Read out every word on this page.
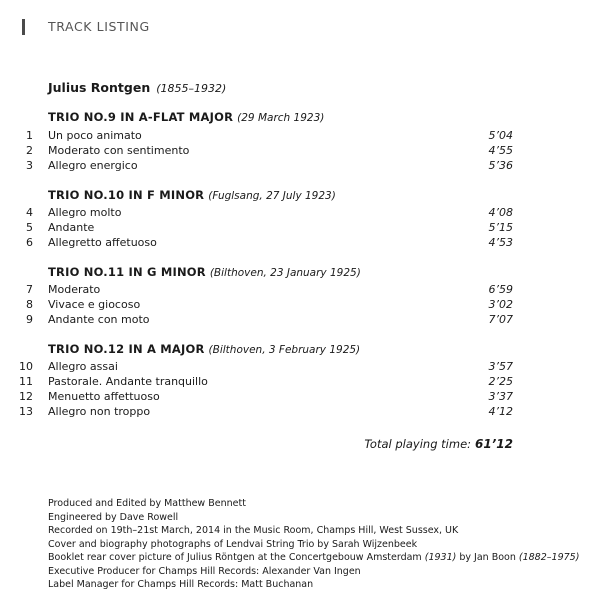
TRACK LISTING
Julius Rontgen (1855–1932)
TRIO NO.9 IN A-FLAT MAJOR (29 March 1923)
1 Un poco animato	5’04
2 Moderato con sentimento	4’55
3 Allegro energico	5’36
TRIO NO.10 IN F MINOR (Fuglsang, 27 July 1923)
4 Allegro molto	4’08
5 Andante	5’15
6 Allegretto affetuoso	4’53
TRIO NO.11 IN G MINOR (Bilthoven, 23 January 1925)
7 Moderato	6’59
8 Vivace e giocoso	3’02
9 Andante con moto	7’07
TRIO NO.12 IN A MAJOR (Bilthoven, 3 February 1925)
10 Allegro assai	3’57
11 Pastorale. Andante tranquillo	2’25
12 Menuetto affettuoso	3’37
13 Allegro non troppo	4’12
Total playing time: 61’12
Produced and Edited by Matthew Bennett
Engineered by Dave Rowell
Recorded on 19th–21st March, 2014 in the Music Room, Champs Hill, West Sussex, UK
Cover and biography photographs of Lendvai String Trio by Sarah Wijzenbeek
Booklet rear cover picture of Julius Röntgen at the Concertgebouw Amsterdam (1931) by Jan Boon (1882–1975)
Executive Producer for Champs Hill Records: Alexander Van Ingen
Label Manager for Champs Hill Records: Matt Buchanan
